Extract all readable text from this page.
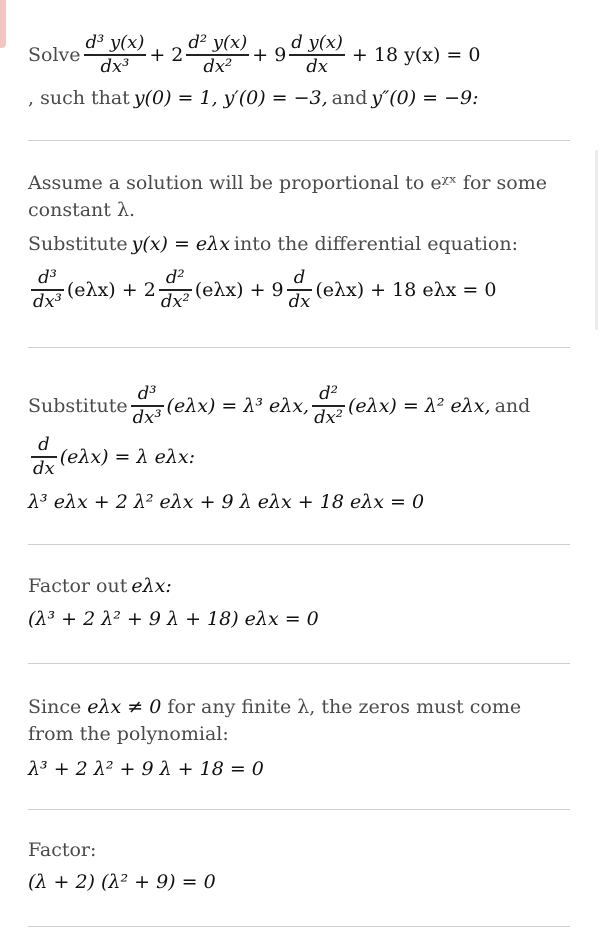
Solve $\frac{\text{d³ y(x)}}{\text{dx³}} + 2 \frac{\text{d² y(x)}}{\text{dx²}} + 9 \frac{\text{d y(x)}}{dx} + 18$ y(x) = 0
, such that y(0) = 1, y′(0) = −3, and y″(0) = −9:
Assume a solution will be proportional to eᵡˣ for some constant λ.
Substitute y(x) = eλx into the differential equation:
$\frac{\text{d³}}{\text{dx³}} (e\lambda x) + 2 \frac{\text{d²}}{\text{dx²}} (e\lambda x) + 9 \frac{d}{dx} (e\lambda x) + 18$ eλx = 0
Substitute $\frac{\text{d³}}{\text{dx³}} (e\lambda x) = \lambda^3$ eλx, $\frac{\text{d²}}{\text{dx²}} (e\lambda x) = \lambda^2$ eλx, and
$\frac{d}{dx} (e\lambda x) = \lambda$ eλx:
λ³ eλx + 2 λ² eλx + 9 λ eλx + 18 eλx = 0
Factor out eλx:
(λ³ + 2 λ² + 9 λ + 18) eλx = 0
Since eλx ≠ 0 for any finite λ, the zeros must come from the polynomial:
λ³ + 2 λ² + 9 λ + 18 = 0
Factor:
(λ + 2) (λ² + 9) = 0
